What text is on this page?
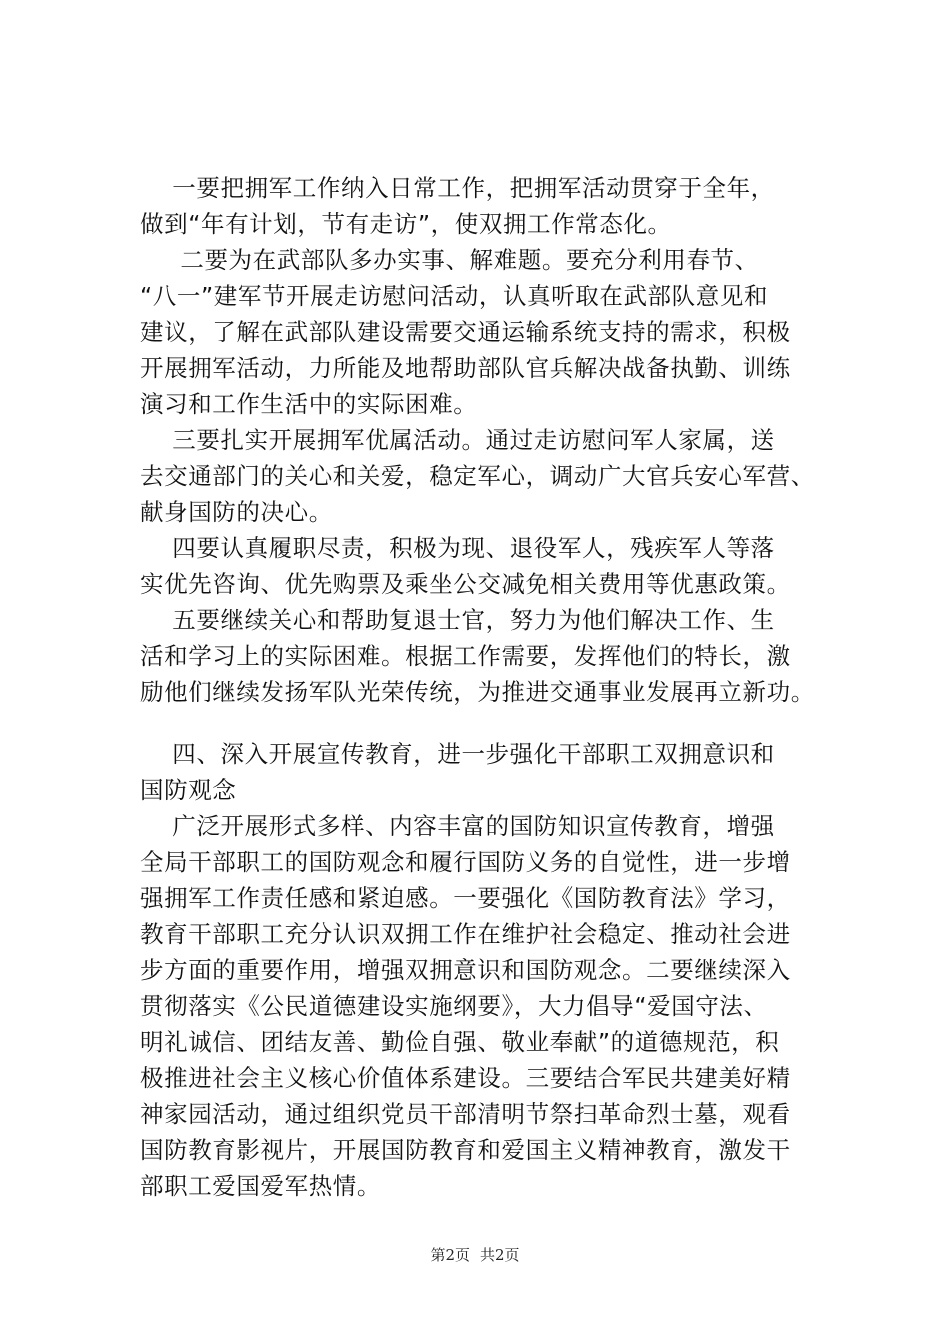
一要把拥军工作纳入日常工作，把拥军活动贯穿于全年，
做到“年有计划，节有走访”，使双拥工作常态化。
二要为在武部队多办实事、解难题。要充分利用春节、
“八一”建军节开展走访慰问活动，认真听取在武部队意见和
建议，了解在武部队建设需要交通运输系统支持的需求，积极
开展拥军活动，力所能及地帮助部队官兵解决战备执勤、训练
演习和工作生活中的实际困难。
三要扎实开展拥军优属活动。通过走访慰问军人家属，送
去交通部门的关心和关爱，稳定军心，调动广大官兵安心军营、
献身国防的决心。
四要认真履职尽责，积极为现、退役军人，残疾军人等落
实优先咨询、优先购票及乘坐公交减免相关费用等优惠政策。
五要继续关心和帮助复退士官，努力为他们解决工作、生
活和学习上的实际困难。根据工作需要，发挥他们的特长，激
励他们继续发扬军队光荣传统，为推进交通事业发展再立新功。
四、深入开展宣传教育，进一步强化干部职工双拥意识和
国防观念
广泛开展形式多样、内容丰富的国防知识宣传教育，增强
全局干部职工的国防观念和履行国防义务的自觉性，进一步增
强拥军工作责任感和紧迫感。一要强化《国防教育法》学习，
教育干部职工充分认识双拥工作在维护社会稳定、推动社会进
步方面的重要作用，增强双拥意识和国防观念。二要继续深入
贯彻落实《公民道德建设实施纲要》，大力倡导“爱国守法、
明礼诚信、团结友善、勤俭自强、敬业奉献”的道德规范，积
极推进社会主义核心价值体系建设。三要结合军民共建美好精
神家园活动，通过组织党员干部清明节祭扫革命烈士墓，观看
国防教育影视片，开展国防教育和爱国主义精神教育，激发干
部职工爱国爱军热情。
第2页 共2页
